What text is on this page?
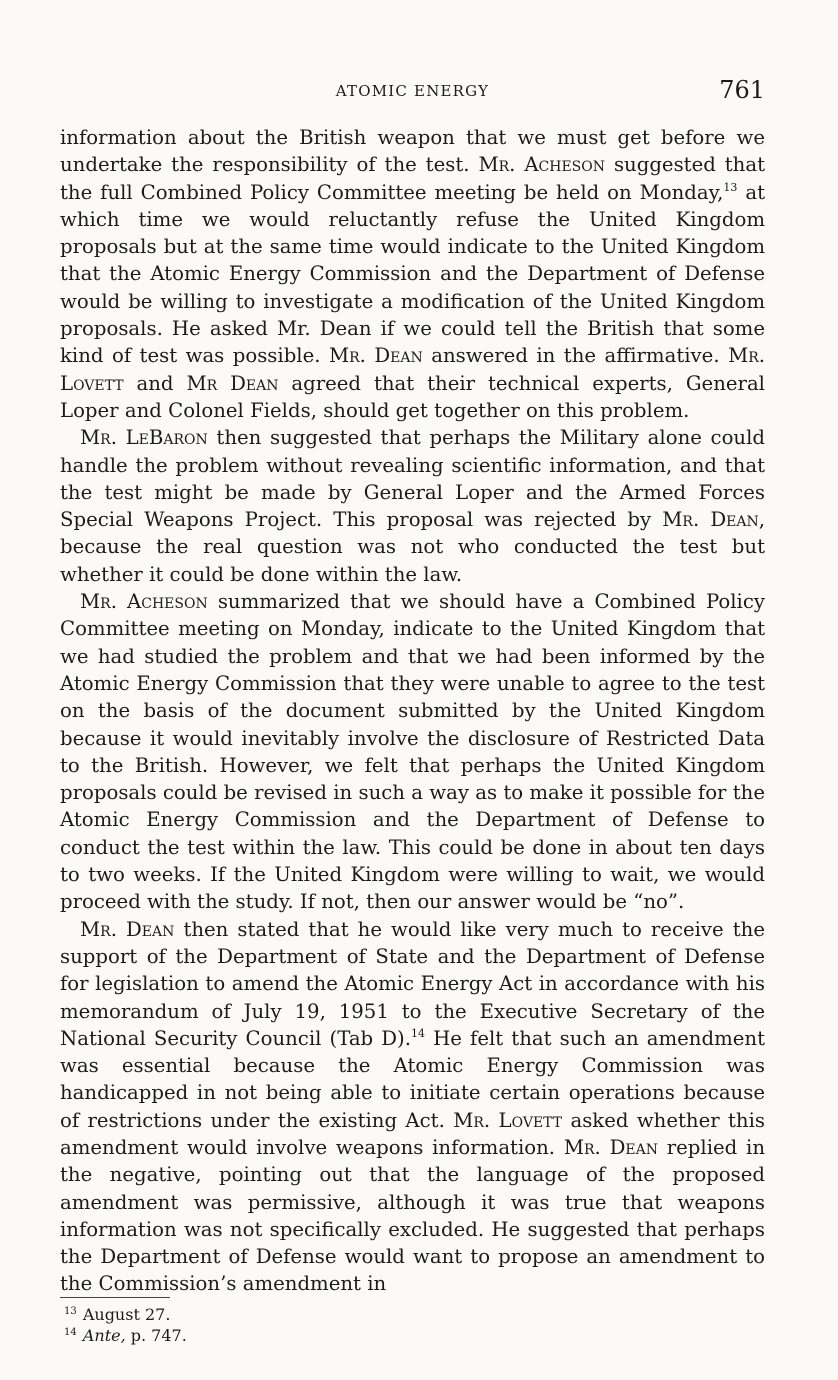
ATOMIC ENERGY	761

information about the British weapon that we must get before we undertake the responsibility of the test. Mr. Acheson suggested that the full Combined Policy Committee meeting be held on Monday,$^{13}$ at which time we would reluctantly refuse the United Kingdom proposals but at the same time would indicate to the United Kingdom that the Atomic Energy Commission and the Department of Defense would be willing to investigate a modification of the United Kingdom proposals. He asked Mr. Dean if we could tell the British that some kind of test was possible. Mr. Dean answered in the affirmative. Mr. Lovett and Mr Dean agreed that their technical experts, General Loper and Colonel Fields, should get together on this problem.

Mr. LeBaron then suggested that perhaps the Military alone could handle the problem without revealing scientific information, and that the test might be made by General Loper and the Armed Forces Special Weapons Project. This proposal was rejected by Mr. Dean, because the real question was not who conducted the test but whether it could be done within the law.

Mr. Acheson summarized that we should have a Combined Policy Committee meeting on Monday, indicate to the United Kingdom that we had studied the problem and that we had been informed by the Atomic Energy Commission that they were unable to agree to the test on the basis of the document submitted by the United Kingdom because it would inevitably involve the disclosure of Restricted Data to the British. However, we felt that perhaps the United Kingdom proposals could be revised in such a way as to make it possible for the Atomic Energy Commission and the Department of Defense to conduct the test within the law. This could be done in about ten days to two weeks. If the United Kingdom were willing to wait, we would proceed with the study. If not, then our answer would be “no”.

Mr. Dean then stated that he would like very much to receive the support of the Department of State and the Department of Defense for legislation to amend the Atomic Energy Act in accordance with his memorandum of July 19, 1951 to the Executive Secretary of the National Security Council (Tab D).$^{14}$ He felt that such an amendment was essential because the Atomic Energy Commission was handicapped in not being able to initiate certain operations because of restrictions under the existing Act. Mr. Lovett asked whether this amendment would involve weapons information. Mr. Dean replied in the negative, pointing out that the language of the proposed amendment was permissive, although it was true that weapons information was not specifically excluded. He suggested that perhaps the Department of Defense would want to propose an amendment to the Commission’s amendment in

$^{13}$ August 27.
$^{14}$ Ante, p. 747.
